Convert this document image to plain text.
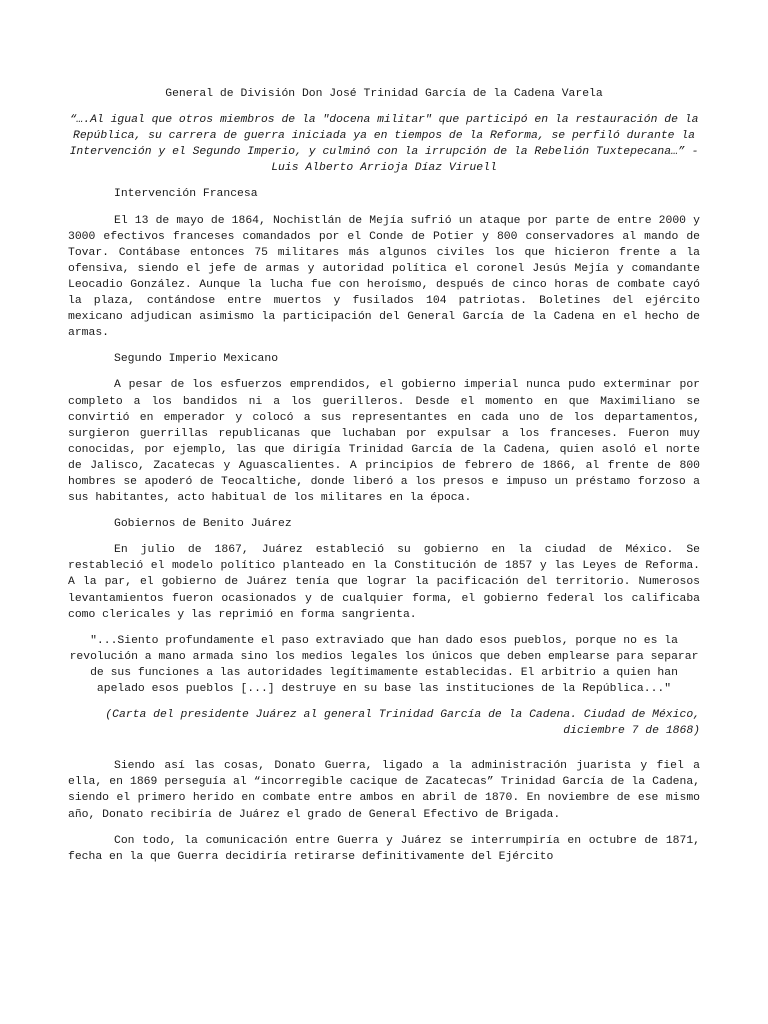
General de División Don José Trinidad García de la Cadena Varela

“….Al igual que otros miembros de la "docena militar" que participó en la restauración de la República, su carrera de guerra iniciada ya en tiempos de la Reforma, se perfiló durante la Intervención y el Segundo Imperio, y culminó con la irrupción de la Rebelión Tuxtepecana…” - Luis Alberto Arrioja Díaz Viruell

Intervención Francesa

El 13 de mayo de 1864, Nochistlán de Mejía sufrió un ataque por parte de entre 2000 y 3000 efectivos franceses comandados por el Conde de Potier y 800 conservadores al mando de Tovar. Contábase entonces 75 militares más algunos civiles los que hicieron frente a la ofensiva, siendo el jefe de armas y autoridad política el coronel Jesús Mejía y comandante Leocadio González. Aunque la lucha fue con heroísmo, después de cinco horas de combate cayó la plaza, contándose entre muertos y fusilados 104 patriotas. Boletines del ejército mexicano adjudican asimismo la participación del General García de la Cadena en el hecho de armas.

Segundo Imperio Mexicano

A pesar de los esfuerzos emprendidos, el gobierno imperial nunca pudo exterminar por completo a los bandidos ni a los guerilleros. Desde el momento en que Maximiliano se convirtió en emperador y colocó a sus representantes en cada uno de los departamentos, surgieron guerrillas republicanas que luchaban por expulsar a los franceses. Fueron muy conocidas, por ejemplo, las que dirigía Trinidad García de la Cadena, quien asoló el norte de Jalisco, Zacatecas y Aguascalientes. A principios de febrero de 1866, al frente de 800 hombres se apoderó de Teocaltiche, donde liberó a los presos e impuso un préstamo forzoso a sus habitantes, acto habitual de los militares en la época.

Gobiernos de Benito Juárez

En julio de 1867, Juárez estableció su gobierno en la ciudad de México. Se restableció el modelo político planteado en la Constitución de 1857 y las Leyes de Reforma. A la par, el gobierno de Juárez tenía que lograr la pacificación del territorio. Numerosos levantamientos fueron ocasionados y de cualquier forma, el gobierno federal los calificaba como clericales y las reprimió en forma sangrienta.

"...Siento profundamente el paso extraviado que han dado esos pueblos, porque no es la revolución a mano armada sino los medios legales los únicos que deben emplearse para separar de sus funciones a las autoridades legítimamente establecidas. El arbitrio a quien han apelado esos pueblos [...] destruye en su base las instituciones de la República..."

(Carta del presidente Juárez al general Trinidad García de la Cadena. Ciudad de México, diciembre 7 de 1868)

Siendo así las cosas, Donato Guerra, ligado a la administración juarista y fiel a ella, en 1869 perseguía al “incorregible cacique de Zacatecas” Trinidad García de la Cadena, siendo el primero herido en combate entre ambos en abril de 1870. En noviembre de ese mismo año, Donato recibiría de Juárez el grado de General Efectivo de Brigada.

Con todo, la comunicación entre Guerra y Juárez se interrumpiría en octubre de 1871, fecha en la que Guerra decidiría retirarse definitivamente del Ejército
